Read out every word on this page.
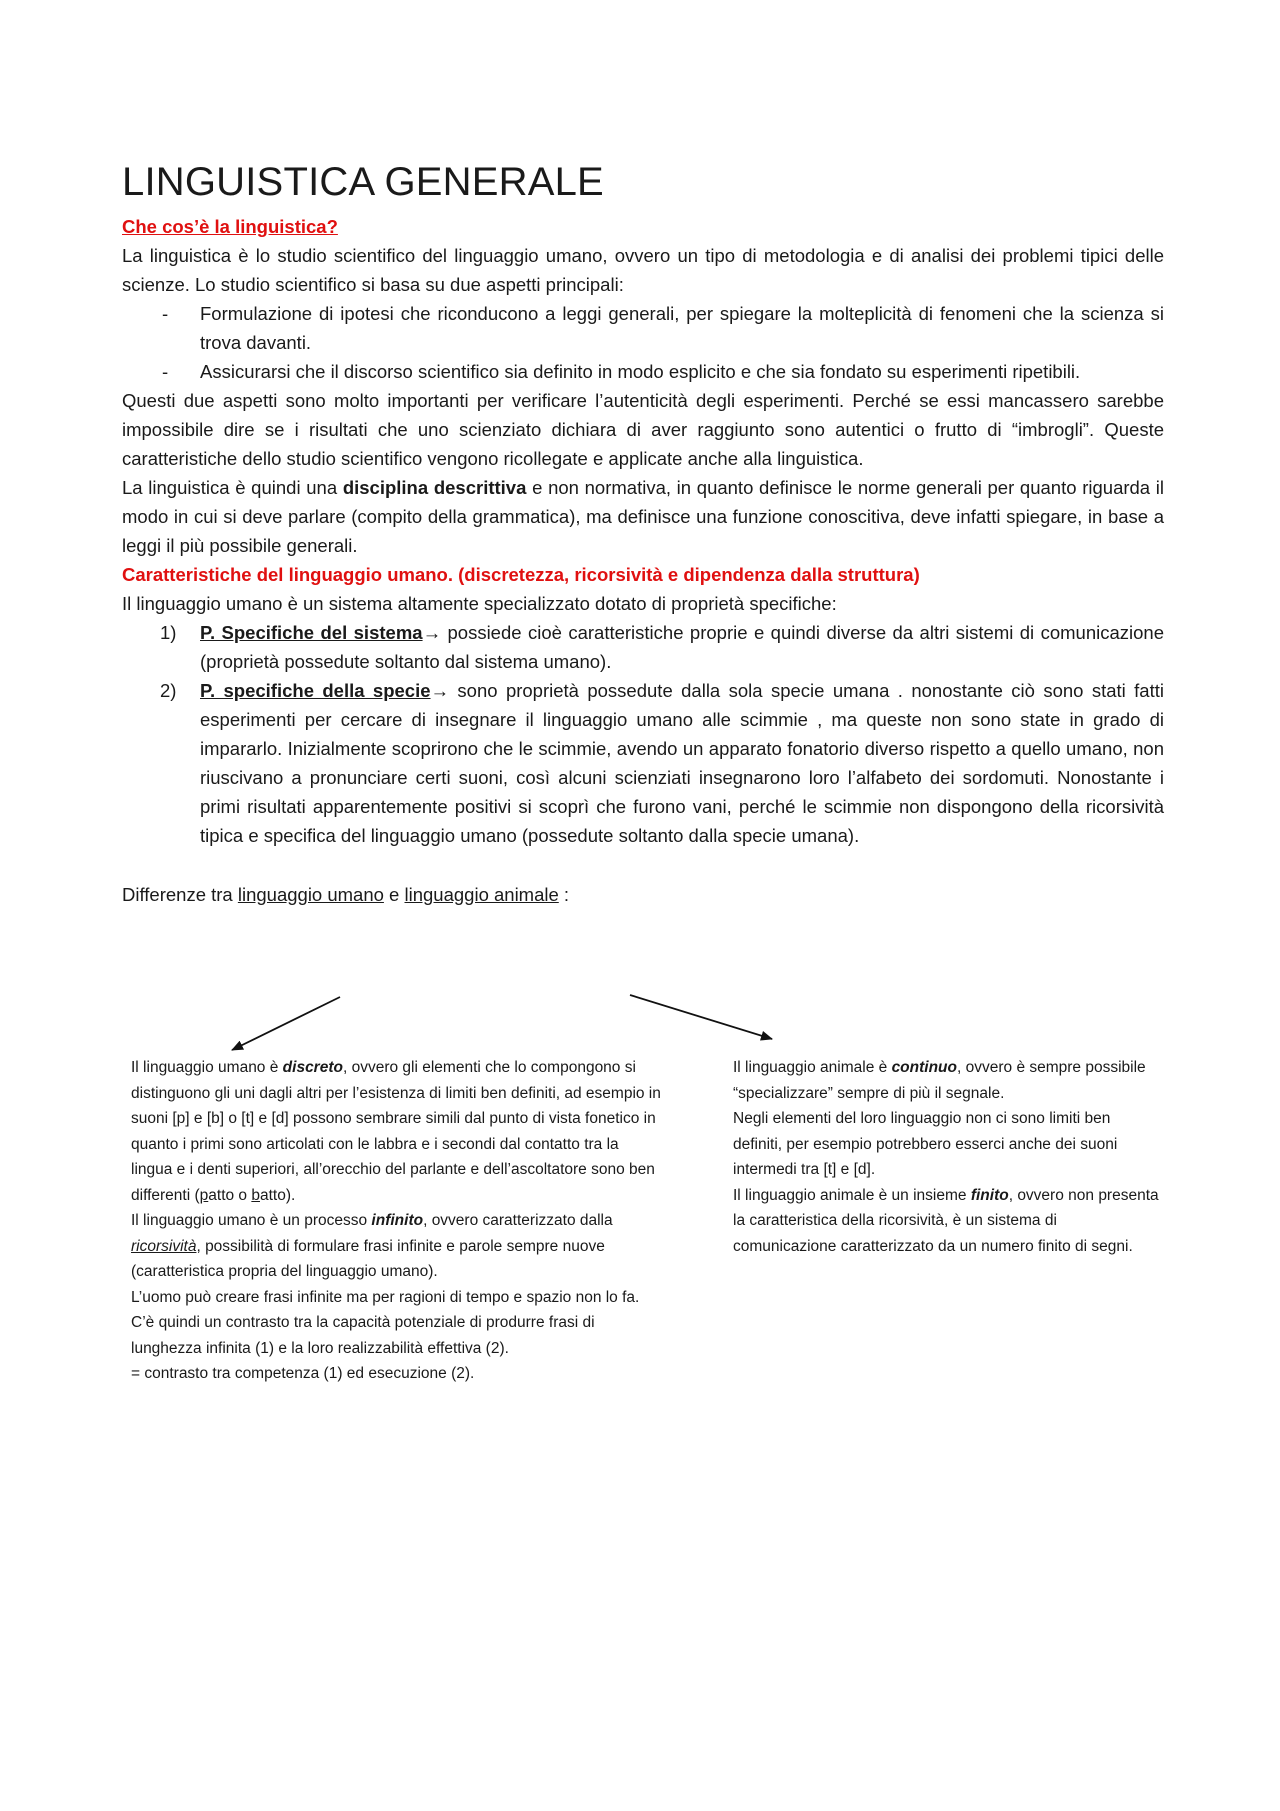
LINGUISTICA GENERALE
Che cos’è la linguistica?

La linguistica è lo studio scientifico del linguaggio umano, ovvero un tipo di metodologia e di analisi dei problemi tipici delle scienze. Lo studio scientifico si basa su due aspetti principali:

- Formulazione di ipotesi che riconducono a leggi generali, per spiegare la molteplicità di fenomeni che la scienza si trova davanti.
- Assicurarsi che il discorso scientifico sia definito in modo esplicito e che sia fondato su esperimenti ripetibili.

Questi due aspetti sono molto importanti per verificare l’autenticità degli esperimenti. Perché se essi mancassero sarebbe impossibile dire se i risultati che uno scienziato dichiara di aver raggiunto sono autentici o frutto di “imbrogli”. Queste caratteristiche dello studio scientifico vengono ricollegate e applicate anche alla linguistica.

La linguistica è quindi una disciplina descrittiva e non normativa, in quanto definisce le norme generali per quanto riguarda il modo in cui si deve parlare (compito della grammatica), ma definisce una funzione conoscitiva, deve infatti spiegare, in base a leggi il più possibile generali.

Caratteristiche del linguaggio umano. (discretezza, ricorsività e dipendenza dalla struttura)

Il linguaggio umano è un sistema altamente specializzato dotato di proprietà specifiche:

1) P. Specifiche del sistema→ possiede cioè caratteristiche proprie e quindi diverse da altri sistemi di comunicazione (proprietà possedute soltanto dal sistema umano).
2) P. specifiche della specie→ sono proprietà possedute dalla sola specie umana . nonostante ciò sono stati fatti esperimenti per cercare di insegnare il linguaggio umano alle scimmie , ma queste non sono state in grado di impararlo. Inizialmente scoprirono che le scimmie, avendo un apparato fonatorio diverso rispetto a quello umano, non riuscivano a pronunciare certi suoni, così alcuni scienziati insegnarono loro l’alfabeto dei sordomuti. Nonostante i primi risultati apparentemente positivi si scoprì che furono vani, perché le scimmie non dispongono della ricorsività tipica e specifica del linguaggio umano (possedute soltanto dalla specie umana).
Differenze tra linguaggio umano e linguaggio animale :
Il linguaggio umano è discreto, ovvero gli elementi che lo compongono si distinguono gli uni dagli altri per l’esistenza di limiti ben definiti, ad esempio in suoni [p] e [b] o [t] e [d] possono sembrare simili dal punto di vista fonetico in quanto i primi sono articolati con le labbra e i secondi dal contatto tra la lingua e i denti superiori, all’orecchio del parlante e dell’ascoltatore sono ben differenti (patto o batto).
Il linguaggio umano è un processo infinito, ovvero caratterizzato dalla ricorsività, possibilità di formulare frasi infinite e parole sempre nuove (caratteristica propria del linguaggio umano).
L’uomo può creare frasi infinite ma per ragioni di tempo e spazio non lo fa. C’è quindi un contrasto tra la capacità potenziale di produrre frasi di lunghezza infinita (1) e la loro realizzabilità effettiva (2).
= contrasto tra competenza (1) ed esecuzione (2).
Il linguaggio animale è continuo, ovvero è sempre possibile “specializzare” sempre di più il segnale.
Negli elementi del loro linguaggio non ci sono limiti ben definiti, per esempio potrebbero esserci anche dei suoni intermedi tra [t] e [d].
Il linguaggio animale è un insieme finito, ovvero non presenta la caratteristica della ricorsività, è un sistema di comunicazione caratterizzato da un numero finito di segni.
